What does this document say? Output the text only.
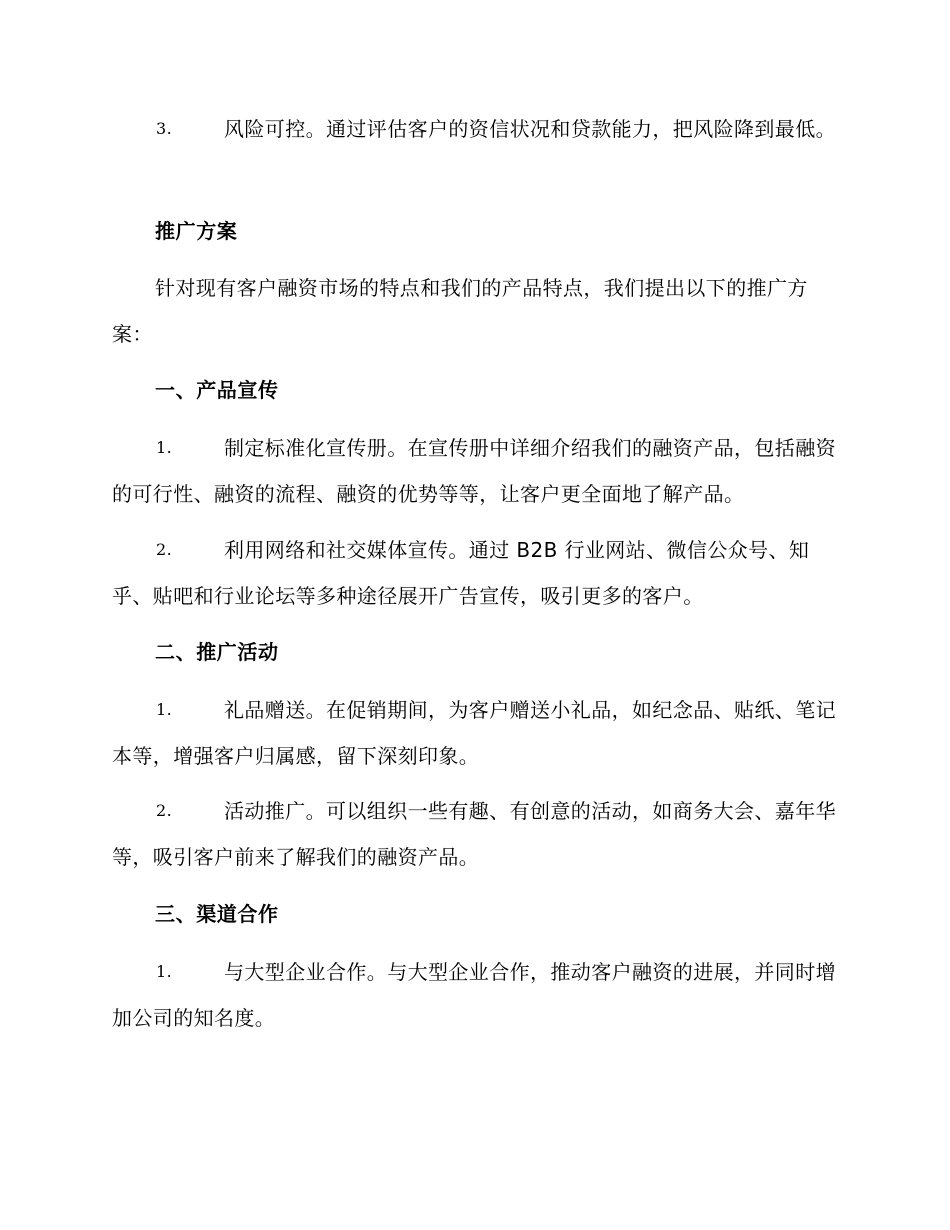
3.	风险可控。通过评估客户的资信状况和贷款能力，把风险降到最低。
推广方案
针对现有客户融资市场的特点和我们的产品特点，我们提出以下的推广方案：
一、产品宣传
1.	制定标准化宣传册。在宣传册中详细介绍我们的融资产品，包括融资的可行性、融资的流程、融资的优势等等，让客户更全面地了解产品。
2.	利用网络和社交媒体宣传。通过 B2B 行业网站、微信公众号、知乎、贴吧和行业论坛等多种途径展开广告宣传，吸引更多的客户。
二、推广活动
1.	礼品赠送。在促销期间，为客户赠送小礼品，如纪念品、贴纸、笔记本等，增强客户归属感，留下深刻印象。
2.	活动推广。可以组织一些有趣、有创意的活动，如商务大会、嘉年华等，吸引客户前来了解我们的融资产品。
三、渠道合作
1.	与大型企业合作。与大型企业合作，推动客户融资的进展，并同时增加公司的知名度。
